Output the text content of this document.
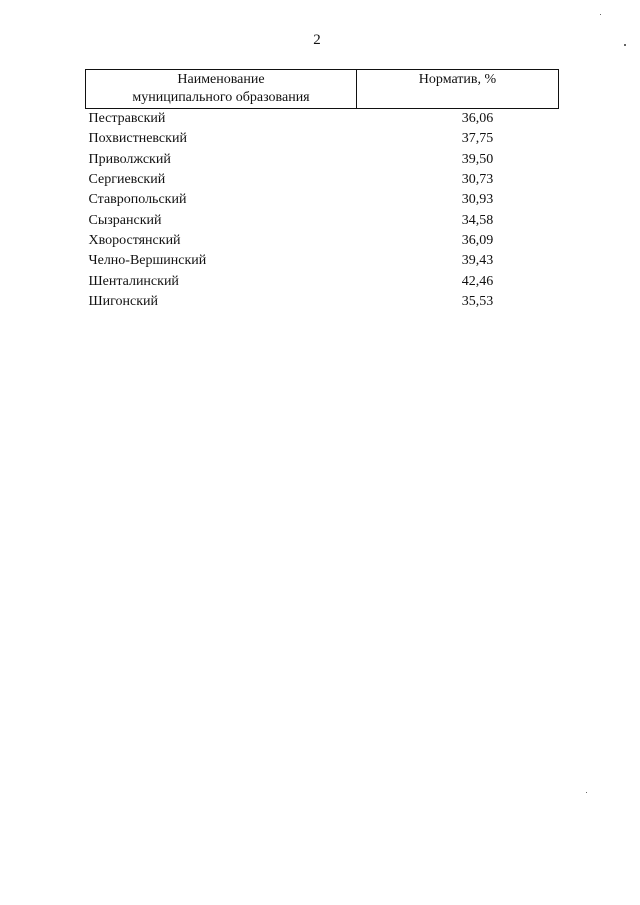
2
Наименование
муниципального образования	Норматив, %
Пестравский	36,06
Похвистневский	37,75
Приволжский	39,50
Сергиевский	30,73
Ставропольский	30,93
Сызранский	34,58
Хворостянский	36,09
Челно-Вершинский	39,43
Шенталинский	42,46
Шигонский	35,53
